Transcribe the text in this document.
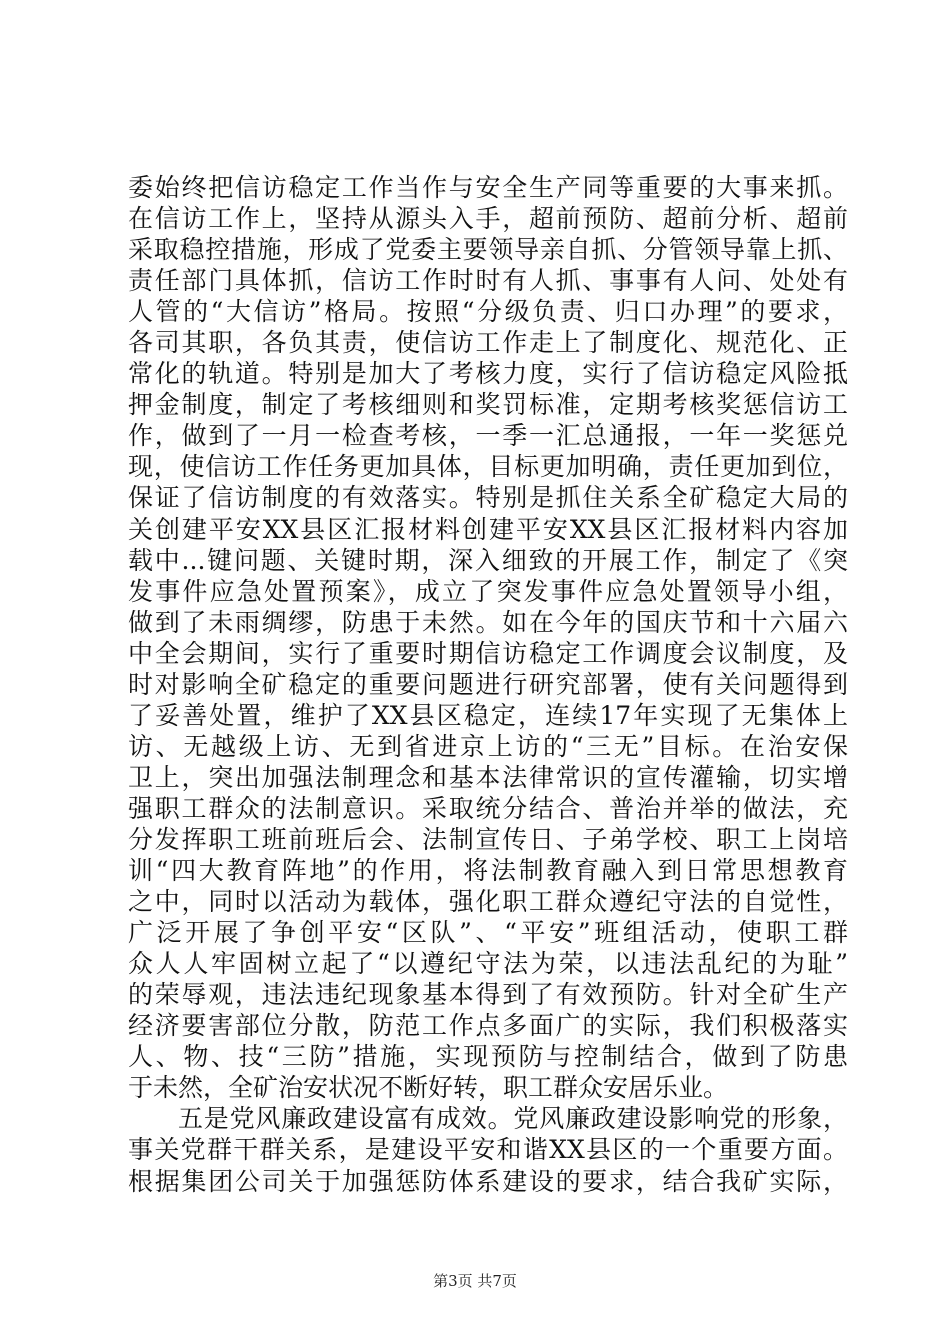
委始终把信访稳定工作当作与安全生产同等重要的大事来抓。
在信访工作上，坚持从源头入手，超前预防、超前分析、超前
采取稳控措施，形成了党委主要领导亲自抓、分管领导靠上抓、
责任部门具体抓，信访工作时时有人抓、事事有人问、处处有
人管的“大信访”格局。按照“分级负责、归口办理”的要求，
各司其职，各负其责，使信访工作走上了制度化、规范化、正
常化的轨道。特别是加大了考核力度，实行了信访稳定风险抵
押金制度，制定了考核细则和奖罚标准，定期考核奖惩信访工
作，做到了一月一检查考核，一季一汇总通报，一年一奖惩兑
现，使信访工作任务更加具体，目标更加明确，责任更加到位，
保证了信访制度的有效落实。特别是抓住关系全矿稳定大局的
关创建平安XX县区汇报材料创建平安XX县区汇报材料内容加
载中...键问题、关键时期，深入细致的开展工作，制定了《突
发事件应急处置预案》，成立了突发事件应急处置领导小组，
做到了未雨绸缪，防患于未然。如在今年的国庆节和十六届六
中全会期间，实行了重要时期信访稳定工作调度会议制度，及
时对影响全矿稳定的重要问题进行研究部署，使有关问题得到
了妥善处置，维护了XX县区稳定，连续17年实现了无集体上
访、无越级上访、无到省进京上访的“三无”目标。在治安保
卫上，突出加强法制理念和基本法律常识的宣传灌输，切实增
强职工群众的法制意识。采取统分结合、普治并举的做法，充
分发挥职工班前班后会、法制宣传日、子弟学校、职工上岗培
训“四大教育阵地”的作用，将法制教育融入到日常思想教育
之中，同时以活动为载体，强化职工群众遵纪守法的自觉性，
广泛开展了争创平安“区队”、“平安”班组活动，使职工群
众人人牢固树立起了“以遵纪守法为荣，以违法乱纪的为耻”
的荣辱观，违法违纪现象基本得到了有效预防。针对全矿生产
经济要害部位分散，防范工作点多面广的实际，我们积极落实
人、物、技“三防”措施，实现预防与控制结合，做到了防患
于未然，全矿治安状况不断好转，职工群众安居乐业。
五是党风廉政建设富有成效。党风廉政建设影响党的形象，
事关党群干群关系，是建设平安和谐XX县区的一个重要方面。
根据集团公司关于加强惩防体系建设的要求，结合我矿实际，
第3页 共7页
